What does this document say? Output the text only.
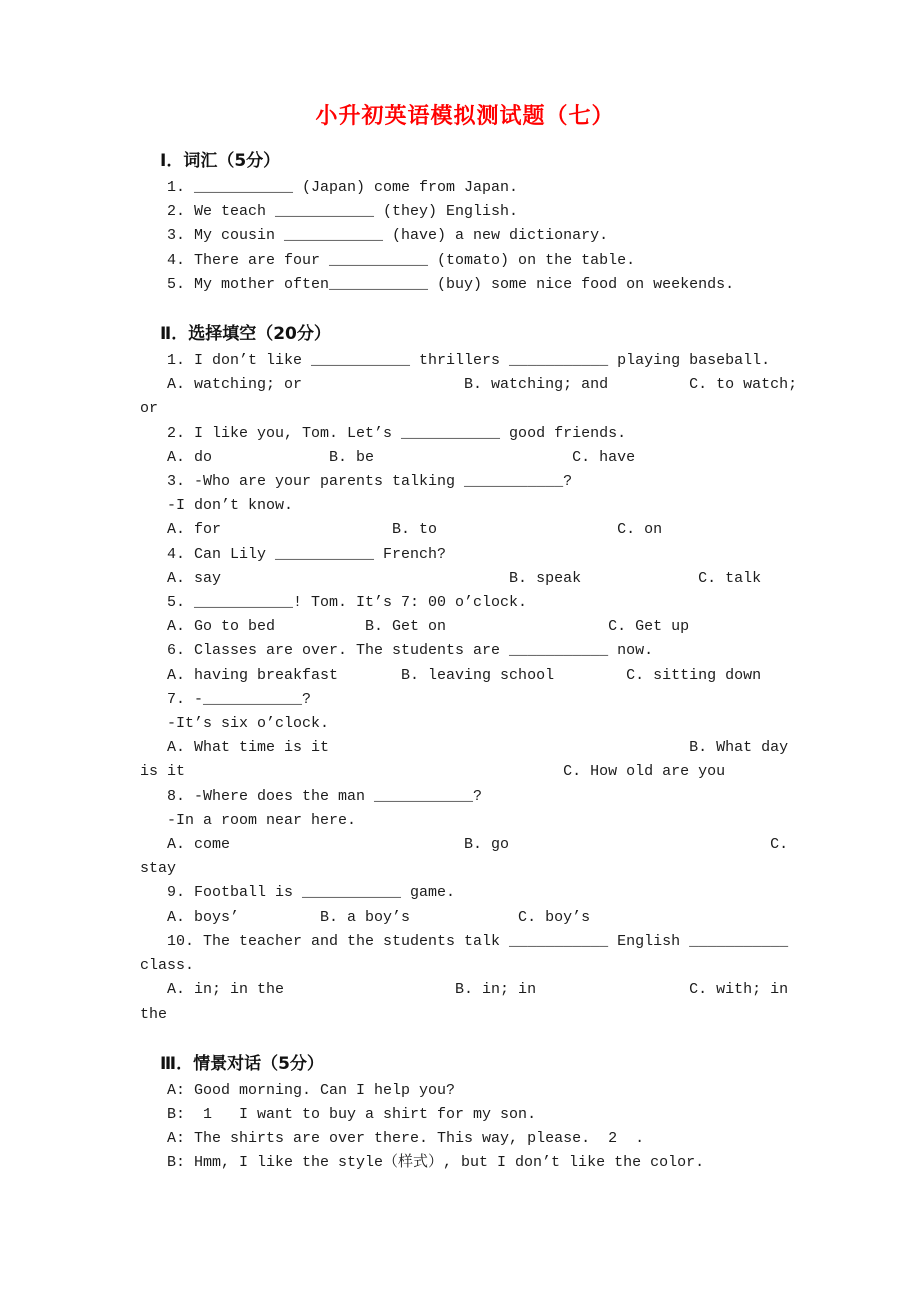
小升初英语模拟测试题（七）
Ⅰ．词汇（5分）
1. ___________ (Japan) come from Japan.
2. We teach ___________ (they) English.
3. My cousin ___________ (have) a new dictionary.
4. There are four ___________ (tomato) on the table.
5. My mother often___________ (buy) some nice food on weekends.
Ⅱ．选择填空（20分）
1. I don’t like ___________ thrillers ___________ playing baseball.
A. watching; or                  B. watching; and         C. to watch;
or
2. I like you, Tom. Let’s ___________ good friends.
A. do             B. be                      C. have
3. -Who are your parents talking ___________?
-I don’t know.
A. for                   B. to                    C. on
4. Can Lily ___________ French?
A. say                                B. speak             C. talk
5. ___________! Tom. It’s 7: 00 o’clock.
A. Go to bed          B. Get on                  C. Get up
6. Classes are over. The students are ___________ now.
A. having breakfast       B. leaving school        C. sitting down
7. -___________?
-It’s six o’clock.
A. What time is it                                        B. What day
is it                                          C. How old are you
8. -Where does the man ___________?
-In a room near here.
A. come                          B. go                             C.
stay
9. Football is ___________ game.
A. boys’         B. a boy’s            C. boy’s
10. The teacher and the students talk ___________ English ___________
class.
A. in; in the                   B. in; in                 C. with; in
the
Ⅲ．情景对话（5分）
A: Good morning. Can I help you?
B:  1   I want to buy a shirt for my son.
A: The shirts are over there. This way, please.  2  .
B: Hmm, I like the style（样式）, but I don’t like the color.
